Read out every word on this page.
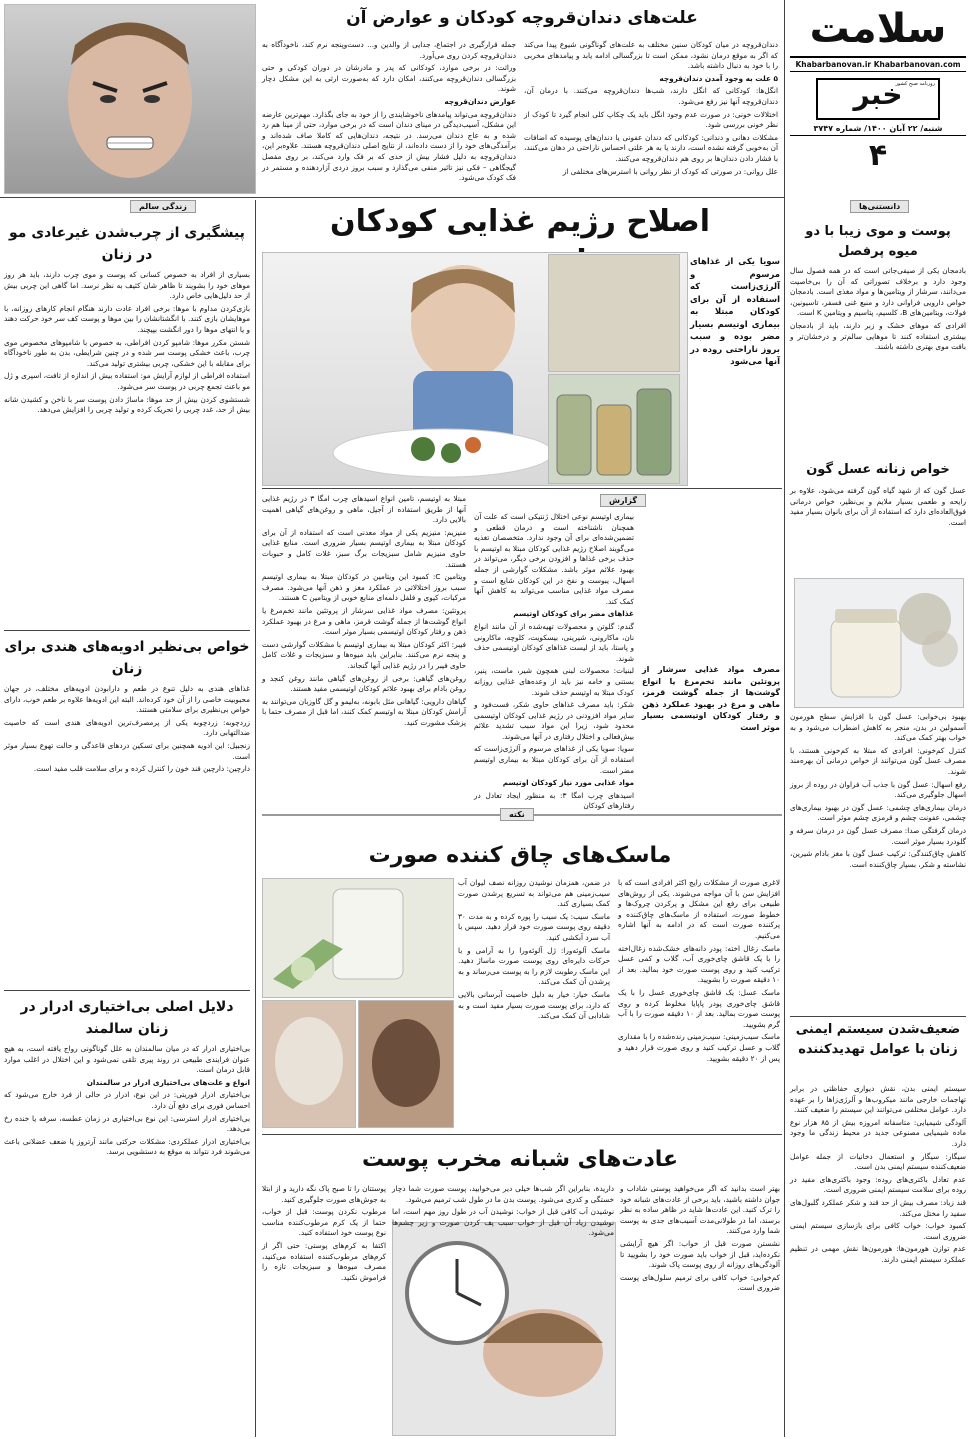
سلامت
Khabarbanovan.ir Khabarbanovan.com
خبر
روزنامه صبح کشور
شنبه/ ۲۲ آبان ۱۴۰۰/ شماره ۳۷۴۷
۴
علت‌های دندان‌قروچه کودکان و عوارض آن

دندان‌قروچه در میان کودکان سنین مختلف به علت‌های گوناگونی شیوع پیدا می‌کند که اگر به موقع درمان نشود، ممکن است تا بزرگسالی ادامه یابد و پیامدهای مخربی را با خود به دنبال داشته باشد.

۵ علت به وجود آمدن دندان‌قروچه

انگل‌ها: کودکانی که انگل دارند، شب‌ها دندان‌قروچه می‌کنند. با درمان آن، دندان‌قروچه آنها نیز رفع می‌شود.

اختلالات خونی: در صورت عدم وجود انگل باید یک چکاپ کلی انجام گیرد تا کودک از نظر خونی بررسی شود.

مشکلات دهانی و دندانی: کودکانی که دندان عفونی یا دندان‌های پوسیده که اضافات آن به‌خوبی گرفته نشده است، دارند یا به هر علتی احساس ناراحتی در دهان می‌کنند، با فشار دادن دندان‌ها بر روی هم دندان‌قروچه می‌کنند.

علل روانی: در صورتی که کودک از نظر روانی با استرس‌های مختلفی از

جمله قرارگیری در اجتماع، جدایی از والدین و... دست‌وپنجه نرم کند، ناخودآگاه به دندان‌قروچه کردن روی می‌آورد.

وراثت: در برخی موارد، کودکانی که پدر و مادرشان در دوران کودکی و حتی بزرگسالی دندان‌قروچه می‌کنند، امکان دارد که به‌صورت ارثی به این مشکل دچار شوند.

عوارض دندان‌قروچه

دندان‌قروچه می‌تواند پیامدهای ناخوشایندی را از خود به جای بگذارد. مهم‌ترین عارضه این مشکل، آسیب‌دیدگی در مینای دندان است که در برخی موارد، حتی از مینا هم رد شده و به عاج دندان می‌رسد. در نتیجه، دندان‌هایی که کاملا صاف شده‌اند و برآمدگی‌های خود را از دست داده‌اند، از نتایج اصلی دندان‌قروچه هستند. علاوه‌بر این، دندان‌قروچه به دلیل فشار بیش از حدی که بر فک وارد می‌کند، بر روی مفصل گیجگاهی – فکی نیز تاثیر منفی می‌گذارد و سبب بروز دردی آزاردهنده و مستمر در فک کودک می‌شود.

زندگی سالم
پیشگیری از چرب‌شدن غیرعادی مو در زنان

بسیاری از افراد به خصوص کسانی که پوست و موی چرب دارند، باید هر روز موهای خود را بشویند تا ظاهر شان کثیف به نظر نرسد. اما گاهی این چربی بیش از حد دلیل‌هایی خاص دارد.

بازی‌کردن مداوم با موها: برخی افراد عادت دارند هنگام انجام کارهای روزانه، با موهایشان بازی کنند. با انگشتانشان را بین موها و پوست کف سر خود حرکت دهند و یا انتهای موها را دور انگشت بپیچند.

شستن مکرر موها: شامپو کردن افراطی، به خصوص با شامپوهای مخصوص موی چرب، باعث خشکی پوست سر شده و در چنین شرایطی، بدن به طور ناخودآگاه برای مقابله با این خشکی، چربی بیشتری تولید می‌کند.

استفاده افراطی از لوازم آرایش مو: استفاده بیش از اندازه از تافت، اسپری و ژل مو باعث تجمع چربی در پوست سر می‌شود.

شستشوی کردن بیش از حد موها: ماساژ دادن پوست سر با ناخن و کشیدن شانه بیش از حد، غدد چربی را تحریک کرده و تولید چربی را افزایش می‌دهد.

خواص بی‌نظیر ادویه‌های هندی برای زنان

غذاهای هندی به دلیل تنوع در طعم و دارابودن ادویه‌های مختلف، در جهان محبوبیت خاصی را از آن خود کرده‌اند. البته این ادویه‌ها علاوه بر طعم خوب، دارای خواص بی‌نظیری برای سلامتی هستند.

زردچوبه: زردچوبه یکی از پرمصرف‌ترین ادویه‌های هندی است که خاصیت ضدالتهابی دارد.

زنجبیل: این ادویه همچنین برای تسکین دردهای قاعدگی و حالت تهوع بسیار موثر است.

دارچین: دارچین قند خون را کنترل کرده و برای سلامت قلب مفید است.

دلایل اصلی بی‌اختیاری ادرار در زنان سالمند

بی‌اختیاری ادرار که در میان سالمندان به علل گوناگونی رواج یافته است، به هیچ عنوان فرایندی طبیعی در روند پیری تلقی نمی‌شود و این اختلال در اغلب موارد قابل درمان است.

انواع و علت‌های بی‌اختیاری ادرار در سالمندان

بی‌اختیاری ادرار فوریتی: در این نوع، ادرار در حالی از فرد خارج می‌شود که احساس فوری برای دفع آن دارد.

بی‌اختیاری ادرار استرسی: این نوع بی‌اختیاری در زمان عطسه، سرفه یا خنده رخ می‌دهد.

بی‌اختیاری ادرار عملکردی: مشکلات حرکتی مانند آرتروز یا ضعف عضلانی باعث می‌شوند فرد نتواند به موقع به دستشویی برسد.

دانستنی‌ها
پوست و موی زیبا با دو میوه پرفصل

بادمجان یکی از صیفی‌جاتی است که در همه فصول سال وجود دارد و برخلاف تصوراتی که آن را بی‌خاصیت می‌دانند، سرشار از ویتامین‌ها و مواد مغذی است. بادمجان خواص دارویی فراوانی دارد و منبع غنی فسفر، تاسیونین، فولات، ویتامین‌های B، کلسیم، پتاسیم و ویتامین K است.

افرادی که موهای خشک و زبر دارند، باید از بادمجان بیشتری استفاده کنند تا موهایی سالم‌تر و درخشان‌تر و بافت موی بهتری داشته باشند.

خواص زنانه عسل گون

عسل گون که از شهد گیاه گون گرفته می‌شود، علاوه بر رایحه و طعمی بسیار ملایم و بی‌نظیر، خواص درمانی فوق‌العاده‌ای دارد که استفاده از آن برای بانوان بسیار مفید است.

بهبود بی‌خوابی: عسل گون با افزایش سطح هورمون آسمولین در بدن، منجر به کاهش اضطراب می‌شود و به خواب بهتر کمک می‌کند.

کنترل کم‌خونی: افرادی که مبتلا به کم‌خونی هستند، با مصرف عسل گون می‌توانند از خواص درمانی آن بهره‌مند شوند.

رفع اسهال: عسل گون با جذب آب فراوان در روده از بروز اسهال جلوگیری می‌کند.

درمان بیماری‌های چشمی: عسل گون در بهبود بیماری‌های چشمی، عفونت چشم و قرمزی چشم موثر است.

درمان گرفتگی صدا: مصرف عسل گون در درمان سرفه و گلودرد بسیار موثر است.

کاهش چاق‌کنندگی: ترکیب عسل گون با مغز بادام شیرین، نشاسته و شکر، بسیار چاق‌کننده است.

ضعیف‌شدن سیستم ایمنی زنان با عوامل تهدیدکننده

سیستم ایمنی بدن، نقش دیواری حفاظتی در برابر تهاجمات خارجی مانند میکروب‌ها و آلرژی‌زاها را بر عهده دارد. عوامل مختلفی می‌توانند این سیستم را ضعیف کنند.

آلودگی شیمیایی: متاسفانه امروزه بیش از ۸۵ هزار نوع ماده شیمیایی مصنوعی جدید در محیط زندگی ما وجود دارد.

سیگار: سیگار و استعمال دخانیات از جمله عوامل ضعیف‌کننده سیستم ایمنی بدن است.

عدم تعادل باکتری‌های روده: وجود باکتری‌های مفید در روده برای سلامت سیستم ایمنی ضروری است.

قند زیاد: مصرف بیش از حد قند و شکر عملکرد گلبول‌های سفید را مختل می‌کند.

کمبود خواب: خواب کافی برای بازسازی سیستم ایمنی ضروری است.

عدم توازن هورمون‌ها: هورمون‌ها نقش مهمی در تنظیم عملکرد سیستم ایمنی دارند.

اصلاح رژیم غذایی کودکان
سویا یکی از غذاهای مرسوم و آلرژی‌زاست که استفاده از آن برای کودکان مبتلا به بیماری اوتیسم بسیار مضر بوده و سبب بروز ناراحتی روده در آنها می‌شود
گزارش

بیماری اوتیسم نوعی اختلال ژنتیکی است که علت آن همچنان ناشناخته است و درمان قطعی و تضمین‌شده‌ای برای آن وجود ندارد. متخصصان تغذیه می‌گویند اصلاح رژیم غذایی کودکان مبتلا به اوتیسم با حذف برخی غذاها و افزودن برخی دیگر، می‌تواند در بهبود علائم موثر باشد. مشکلات گوارشی از جمله اسهال، یبوست و نفخ در این کودکان شایع است و مصرف مواد غذایی مناسب می‌تواند به کاهش آنها کمک کند.

غذاهای مضر برای کودکان اوتیسم

گندم: گلوتن و محصولات تهیه‌شده از آن مانند انواع نان، ماکارونی، شیرینی، بیسکویت، کلوچه، ماکارونی و پاستا، باید از لیست غذاهای کودکان اوتیسمی حذف شوند.

لبنیات: محصولات لبنی همچون شیر، ماست، پنیر، بستنی و خامه نیز باید از وعده‌های غذایی روزانه کودک مبتلا به اوتیسم حذف شوند.

شکر: باید مصرف غذاهای حاوی شکر، فست‌فود و سایر مواد افزودنی در رژیم غذایی کودکان اوتیسمی محدود شود، زیرا این مواد سبب تشدید علائم بیش‌فعالی و اختلال رفتاری در آنها می‌شوند.

سویا: سویا یکی از غذاهای مرسوم و آلرژی‌زاست که استفاده از آن برای کودکان مبتلا به بیماری اوتیسم مضر است.

مواد غذایی مورد نیاز کودکان اوتیسم

اسیدهای چرب امگا ۳: به منظور ایجاد تعادل در رفتارهای کودکان

مبتلا به اوتیسم، تامین انواع اسیدهای چرب امگا ۳ در رژیم غذایی آنها از طریق استفاده از آجیل، ماهی و روغن‌های گیاهی اهمیت بالایی دارد.

منیزیم: منیزیم یکی از مواد معدنی است که استفاده از آن برای کودکان مبتلا به بیماری اوتیسم بسیار ضروری است. منابع غذایی حاوی منیزیم شامل سبزیجات برگ سبز، غلات کامل و حبوبات هستند.

ویتامین C: کمبود این ویتامین در کودکان مبتلا به بیماری اوتیسم سبب بروز اختلالاتی در عملکرد مغز و ذهن آنها می‌شود. مصرف مرکبات، کیوی و فلفل دلمه‌ای منابع خوبی از ویتامین C هستند.

پروتئین: مصرف مواد غذایی سرشار از پروتئین مانند تخم‌مرغ یا انواع گوشت‌ها از جمله گوشت قرمز، ماهی و مرغ در بهبود عملکرد ذهن و رفتار کودکان اوتیسمی بسیار موثر است.

فیبر: اکثر کودکان مبتلا به بیماری اوتیسم با مشکلات گوارشی دست و پنجه نرم می‌کنند. بنابراین باید میوه‌ها و سبزیجات و غلات کامل حاوی فیبر را در رژیم غذایی آنها گنجاند.

روغن‌های گیاهی: برخی از روغن‌های گیاهی مانند روغن کنجد و روغن بادام برای بهبود علائم کودکان اوتیسمی مفید هستند.

گیاهان دارویی: گیاهانی مثل بابونه، به‌لیمو و گل گاوزبان می‌توانند به آرامش کودکان مبتلا به اوتیسم کمک کنند، اما قبل از مصرف حتما با پزشک مشورت کنید.

مصرف مواد غذایی سرشار از پروتئین مانند تخم‌مرغ یا انواع گوشت‌ها از جمله گوشت قرمز، ماهی و مرغ در بهبود عملکرد ذهن و رفتار کودکان اوتیسمی بسیار موثر است
نکته
ماسک‌های چاق کننده صورت

لاغری صورت از مشکلات رایج اکثر افرادی است که با افزایش سن با آن مواجه می‌شوند. یکی از روش‌های طبیعی برای رفع این مشکل و پرکردن چروک‌ها و خطوط صورت، استفاده از ماسک‌های چاق‌کننده و پرکننده صورت است که در ادامه به آنها اشاره می‌کنیم.

ماسک زغال اخته: پودر دانه‌های خشک‌شده زغال‌اخته را با یک قاشق چای‌خوری آب، گلاب و کمی عسل ترکیب کنید و روی پوست صورت خود بمالید. بعد از ۱۰ دقیقه صورت را بشویید.

ماسک عسل: یک قاشق چای‌خوری عسل را با یک قاشق چای‌خوری پودر پاپایا مخلوط کرده و روی پوست صورت بمالید. بعد از ۱۰ دقیقه صورت را با آب گرم بشویید.

ماسک سیب‌زمینی: سیب‌زمینی رنده‌شده را با مقداری گلاب و عسل ترکیب کنید و روی صورت قرار دهید و پس از ۲۰ دقیقه بشویید.

در ضمن، همزمان نوشیدن روزانه نصف لیوان آب سیب‌زمینی هم می‌تواند به تسریع پرشدن صورت کمک بسیاری کند.

ماسک سیب: یک سیب را پوره کرده و به مدت ۳۰ دقیقه روی پوست صورت خود قرار دهید. سپس با آب سرد آبکشی کنید.

ماسک آلوئه‌ورا: ژل آلوئه‌ورا را به آرامی و با حرکات دایره‌ای روی پوست صورت ماساژ دهید. این ماسک رطوبت لازم را به پوست می‌رساند و به پرشدن آن کمک می‌کند.

ماسک خیار: خیار به دلیل خاصیت آبرسانی بالایی که دارد، برای پوست صورت بسیار مفید است و به شادابی آن کمک می‌کند.

عادت‌های شبانه مخرب پوست

بهتر است بدانید که اگر می‌خواهید پوستی شاداب و جوان داشته باشید، باید برخی از عادت‌های شبانه خود را ترک کنید. این عادت‌ها شاید در ظاهر ساده به نظر برسند، اما در طولانی‌مدت آسیب‌های جدی به پوست شما وارد می‌کنند.

نشستن صورت قبل از خواب: اگر هیچ آرایشی نکرده‌اید، قبل از خواب باید صورت خود را بشویید تا آلودگی‌های روزانه از روی پوست پاک شوند.

کم‌خوابی: خواب کافی برای ترمیم سلول‌های پوست ضروری است.

داریدة، بنابراین اگر شب‌ها خیلی دیر می‌خوابید، پوست صورت شما دچار خستگی و کدری می‌شود. پوست بدن ما در طول شب ترمیم می‌شود.

نوشیدن آب کافی قبل از خواب: نوشیدن آب در طول روز مهم است، اما نوشیدن زیاد آن قبل از خواب سبب پف کردن صورت و زیر چشم‌ها می‌شود.

پوستتان را تا صبح پاک نگه دارید و از ابتلا به جوش‌های صورت جلوگیری کنید.

مرطوب نکردن پوست: قبل از خواب، حتما از یک کرم مرطوب‌کننده مناسب نوع پوست خود استفاده کنید.

اکتفا به کرم‌های پوستی: حتی اگر از کرم‌های مرطوب‌کننده استفاده می‌کنید، مصرف میوه‌ها و سبزیجات تازه را فراموش نکنید.
